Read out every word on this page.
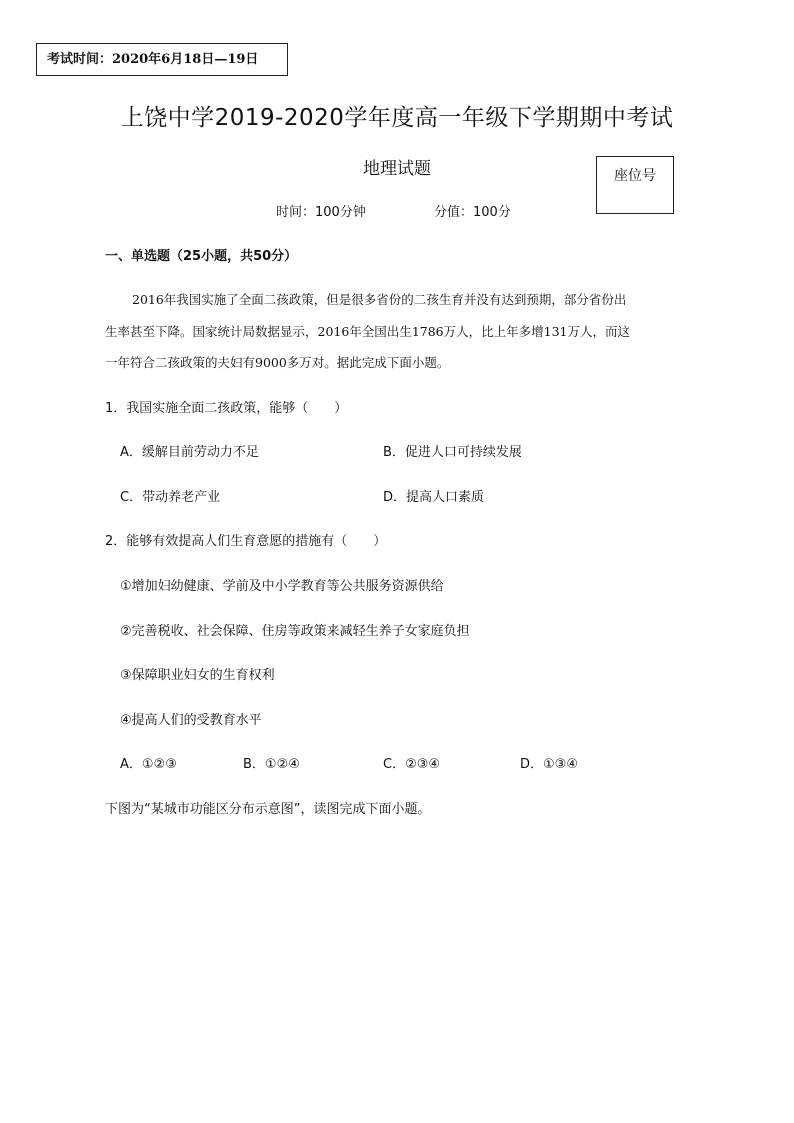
考试时间：2020年6月18日—19日
上饶中学2019-2020学年度高一年级下学期期中考试
地理试题	座位号
时间：100分钟	分值：100分
一、单选题（25小题，共50分）
2016年我国实施了全面二孩政策，但是很多省份的二孩生育并没有达到预期，部分省份出
生率甚至下降。国家统计局数据显示，2016年全国出生1786万人，比上年多增131万人，而这
一年符合二孩政策的夫妇有9000多万对。据此完成下面小题。
1．我国实施全面二孩政策，能够（　　）
A．缓解目前劳动力不足	B．促进人口可持续发展
C．带动养老产业	D．提高人口素质
2．能够有效提高人们生育意愿的措施有（　　）
①增加妇幼健康、学前及中小学教育等公共服务资源供给
②完善税收、社会保障、住房等政策来减轻生养子女家庭负担
③保障职业妇女的生育权利
④提高人们的受教育水平
A．①②③	B．①②④	C．②③④	D．①③④
下图为“某城市功能区分布示意图”，读图完成下面小题。
